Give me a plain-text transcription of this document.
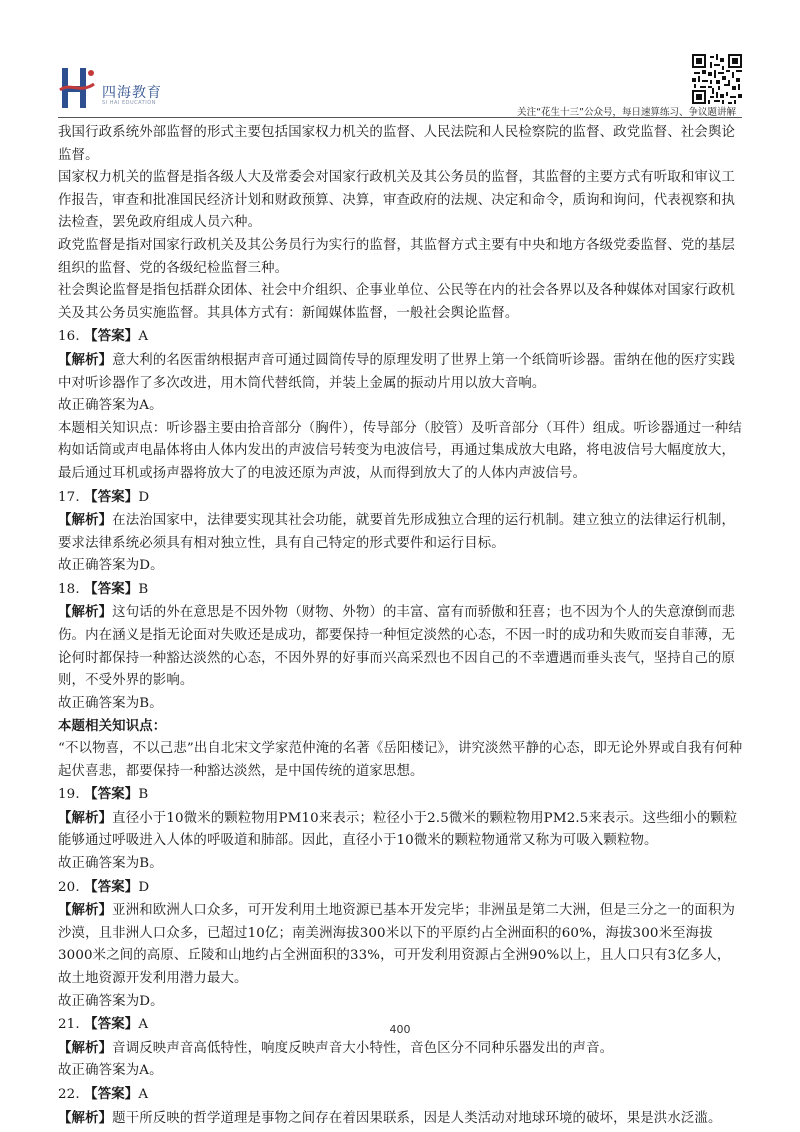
四海教育
SI HAI EDUCATION
关注“花生十三”公众号，每日速算练习、争议题讲解

我国行政系统外部监督的形式主要包括国家权力机关的监督、人民法院和人民检察院的监督、政党监督、社会舆论监督。

国家权力机关的监督是指各级人大及常委会对国家行政机关及其公务员的监督，其监督的主要方式有听取和审议工作报告，审查和批准国民经济计划和财政预算、决算，审查政府的法规、决定和命令，质询和询问，代表视察和执法检查，罢免政府组成人员六种。

政党监督是指对国家行政机关及其公务员行为实行的监督，其监督方式主要有中央和地方各级党委监督、党的基层组织的监督、党的各级纪检监督三种。

社会舆论监督是指包括群众团体、社会中介组织、企事业单位、公民等在内的社会各界以及各种媒体对国家行政机关及其公务员实施监督。其具体方式有：新闻媒体监督，一般社会舆论监督。

16. 【答案】A

【解析】意大利的名医雷纳根据声音可通过圆筒传导的原理发明了世界上第一个纸筒听诊器。雷纳在他的医疗实践中对听诊器作了多次改进，用木筒代替纸筒，并装上金属的振动片用以放大音响。

故正确答案为A。

本题相关知识点：听诊器主要由拾音部分（胸件），传导部分（胶管）及听音部分（耳件）组成。听诊器通过一种结构如话筒或声电晶体将由人体内发出的声波信号转变为电波信号，再通过集成放大电路，将电波信号大幅度放大，最后通过耳机或扬声器将放大了的电波还原为声波，从而得到放大了的人体内声波信号。

17. 【答案】D

【解析】在法治国家中，法律要实现其社会功能，就要首先形成独立合理的运行机制。建立独立的法律运行机制，要求法律系统必须具有相对独立性，具有自己特定的形式要件和运行目标。

故正确答案为D。

18. 【答案】B

【解析】这句话的外在意思是不因外物（财物、外物）的丰富、富有而骄傲和狂喜；也不因为个人的失意潦倒而悲伤。内在涵义是指无论面对失败还是成功，都要保持一种恒定淡然的心态，不因一时的成功和失败而妄自菲薄，无论何时都保持一种豁达淡然的心态，不因外界的好事而兴高采烈也不因自己的不幸遭遇而垂头丧气，坚持自己的原则，不受外界的影响。

故正确答案为B。

本题相关知识点：

“不以物喜，不以己悲”出自北宋文学家范仲淹的名著《岳阳楼记》，讲究淡然平静的心态，即无论外界或自我有何种起伏喜悲，都要保持一种豁达淡然，是中国传统的道家思想。

19. 【答案】B

【解析】直径小于10微米的颗粒物用PM10来表示；粒径小于2.5微米的颗粒物用PM2.5来表示。这些细小的颗粒能够通过呼吸进入人体的呼吸道和肺部。因此，直径小于10微米的颗粒物通常又称为可吸入颗粒物。

故正确答案为B。

20. 【答案】D

【解析】亚洲和欧洲人口众多，可开发利用土地资源已基本开发完毕；非洲虽是第二大洲，但是三分之一的面积为沙漠，且非洲人口众多，已超过10亿；南美洲海拔300米以下的平原约占全洲面积的60%，海拔300米至海拔3000米之间的高原、丘陵和山地约占全洲面积的33%，可开发利用资源占全洲90%以上，且人口只有3亿多人，故土地资源开发利用潜力最大。

故正确答案为D。

21. 【答案】A

【解析】音调反映声音高低特性，响度反映声音大小特性，音色区分不同种乐器发出的声音。

故正确答案为A。

22. 【答案】A

【解析】题干所反映的哲学道理是事物之间存在着因果联系，因是人类活动对地球环境的破坏，果是洪水泛滥。

400
